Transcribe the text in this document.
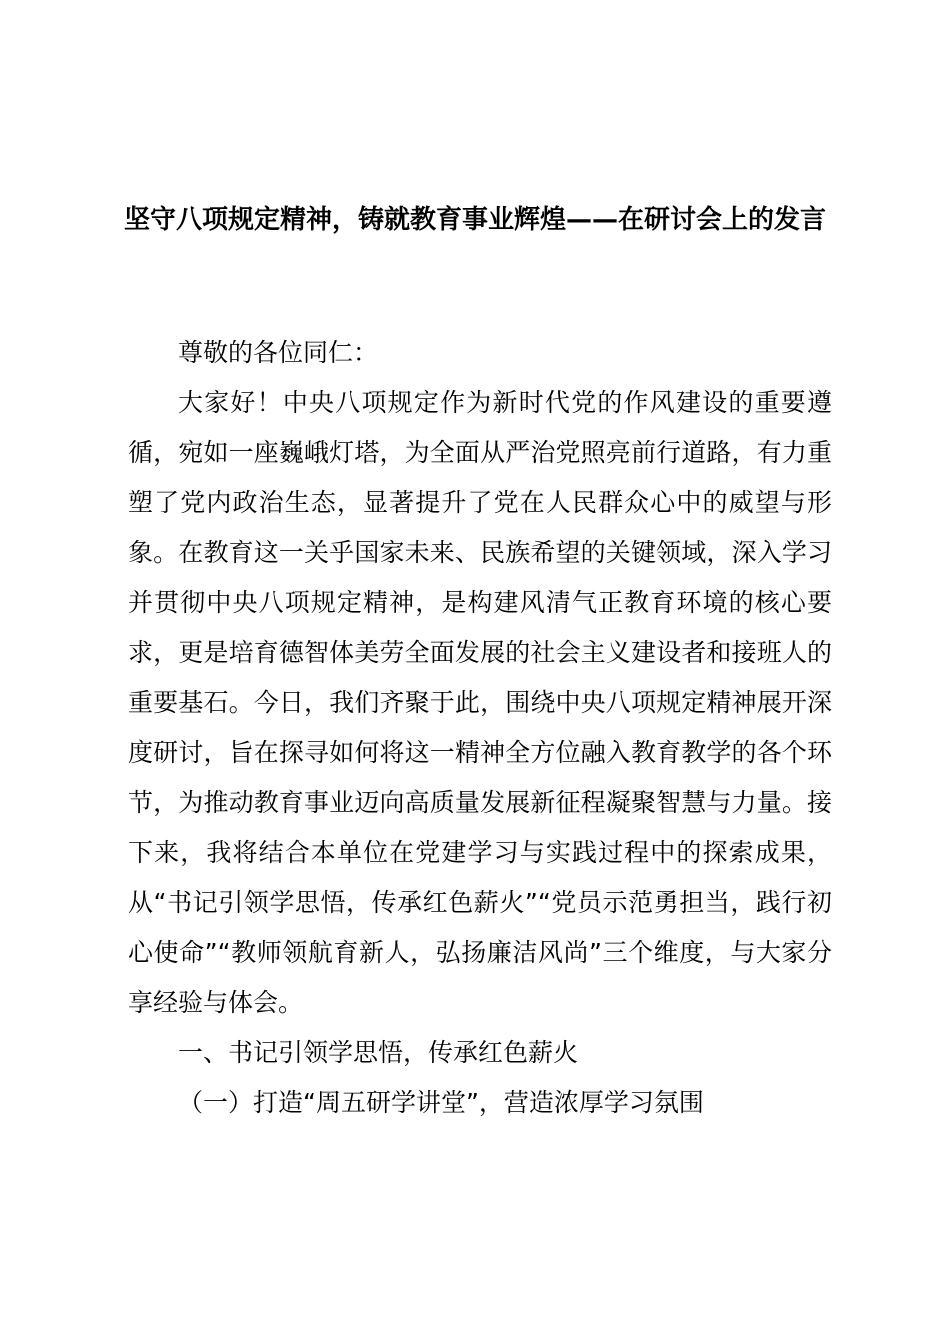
坚守八项规定精神，铸就教育事业辉煌——在研讨会上的发言

尊敬的各位同仁：

大家好！中央八项规定作为新时代党的作风建设的重要遵循，宛如一座巍峨灯塔，为全面从严治党照亮前行道路，有力重塑了党内政治生态，显著提升了党在人民群众心中的威望与形象。在教育这一关乎国家未来、民族希望的关键领域，深入学习并贯彻中央八项规定精神，是构建风清气正教育环境的核心要求，更是培育德智体美劳全面发展的社会主义建设者和接班人的重要基石。今日，我们齐聚于此，围绕中央八项规定精神展开深度研讨，旨在探寻如何将这一精神全方位融入教育教学的各个环节，为推动教育事业迈向高质量发展新征程凝聚智慧与力量。接下来，我将结合本单位在党建学习与实践过程中的探索成果，从“书记引领学思悟，传承红色薪火”“党员示范勇担当，践行初心使命”“教师领航育新人，弘扬廉洁风尚”三个维度，与大家分享经验与体会。

一、书记引领学思悟，传承红色薪火

（一）打造“周五研学讲堂”，营造浓厚学习氛围
